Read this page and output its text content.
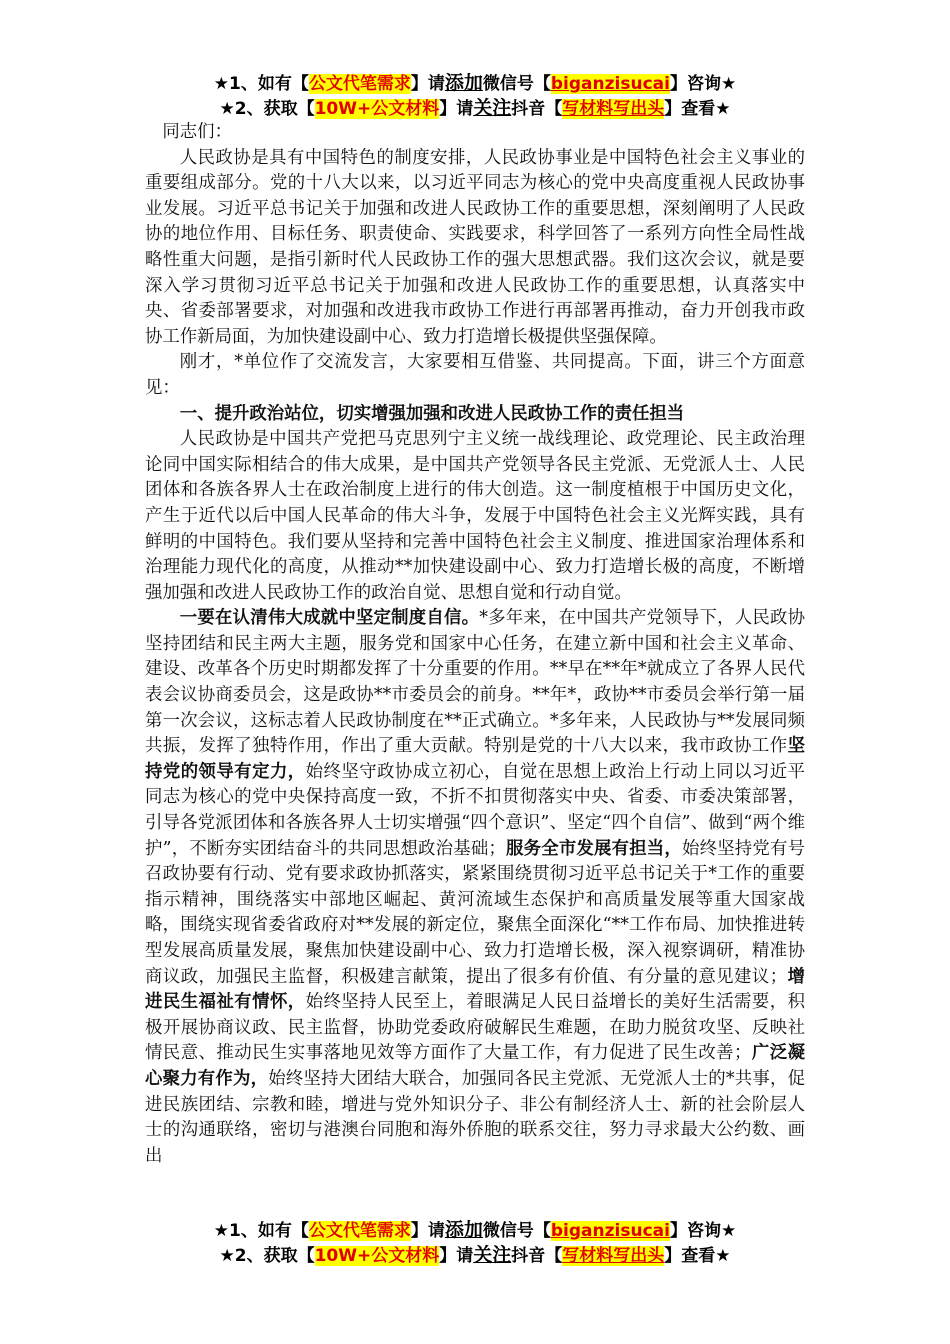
★1、如有【公文代笔需求】请添加微信号【biganzisucai】咨询★
★2、获取【10W+公文材料】请关注抖音【写材料写出头】查看★

同志们：

人民政协是具有中国特色的制度安排，人民政协事业是中国特色社会主义事业的重要组成部分。党的十八大以来，以习近平同志为核心的党中央高度重视人民政协事业发展。习近平总书记关于加强和改进人民政协工作的重要思想，深刻阐明了人民政协的地位作用、目标任务、职责使命、实践要求，科学回答了一系列方向性全局性战略性重大问题，是指引新时代人民政协工作的强大思想武器。我们这次会议，就是要深入学习贯彻习近平总书记关于加强和改进人民政协工作的重要思想，认真落实中央、省委部署要求，对加强和改进我市政协工作进行再部署再推动，奋力开创我市政协工作新局面，为加快建设副中心、致力打造增长极提供坚强保障。

刚才，*单位作了交流发言，大家要相互借鉴、共同提高。下面，讲三个方面意见：

一、提升政治站位，切实增强加强和改进人民政协工作的责任担当

人民政协是中国共产党把马克思列宁主义统一战线理论、政党理论、民主政治理论同中国实际相结合的伟大成果，是中国共产党领导各民主党派、无党派人士、人民团体和各族各界人士在政治制度上进行的伟大创造。这一制度植根于中国历史文化，产生于近代以后中国人民革命的伟大斗争，发展于中国特色社会主义光辉实践，具有鲜明的中国特色。我们要从坚持和完善中国特色社会主义制度、推进国家治理体系和治理能力现代化的高度，从推动**加快建设副中心、致力打造增长极的高度，不断增强加强和改进人民政协工作的政治自觉、思想自觉和行动自觉。

一要在认清伟大成就中坚定制度自信。*多年来，在中国共产党领导下，人民政协坚持团结和民主两大主题，服务党和国家中心任务，在建立新中国和社会主义革命、建设、改革各个历史时期都发挥了十分重要的作用。**早在**年*就成立了各界人民代表会议协商委员会，这是政协**市委员会的前身。**年*，政协**市委员会举行第一届第一次会议，这标志着人民政协制度在**正式确立。*多年来，人民政协与**发展同频共振，发挥了独特作用，作出了重大贡献。特别是党的十八大以来，我市政协工作坚持党的领导有定力，始终坚守政协成立初心，自觉在思想上政治上行动上同以习近平同志为核心的党中央保持高度一致，不折不扣贯彻落实中央、省委、市委决策部署，引导各党派团体和各族各界人士切实增强“四个意识”、坚定“四个自信”、做到“两个维护”，不断夯实团结奋斗的共同思想政治基础；服务全市发展有担当，始终坚持党有号召政协要有行动、党有要求政协抓落实，紧紧围绕贯彻习近平总书记关于*工作的重要指示精神，围绕落实中部地区崛起、黄河流域生态保护和高质量发展等重大国家战略，围绕实现省委省政府对**发展的新定位，聚焦全面深化“**工作布局、加快推进转型发展高质量发展，聚焦加快建设副中心、致力打造增长极，深入视察调研，精准协商议政，加强民主监督，积极建言献策，提出了很多有价值、有分量的意见建议；增进民生福祉有情怀，始终坚持人民至上，着眼满足人民日益增长的美好生活需要，积极开展协商议政、民主监督，协助党委政府破解民生难题，在助力脱贫攻坚、反映社情民意、推动民生实事落地见效等方面作了大量工作，有力促进了民生改善；广泛凝心聚力有作为，始终坚持大团结大联合，加强同各民主党派、无党派人士的*共事，促进民族团结、宗教和睦，增进与党外知识分子、非公有制经济人士、新的社会阶层人士的沟通联络，密切与港澳台同胞和海外侨胞的联系交往，努力寻求最大公约数、画出

★1、如有【公文代笔需求】请添加微信号【biganzisucai】咨询★
★2、获取【10W+公文材料】请关注抖音【写材料写出头】查看★
